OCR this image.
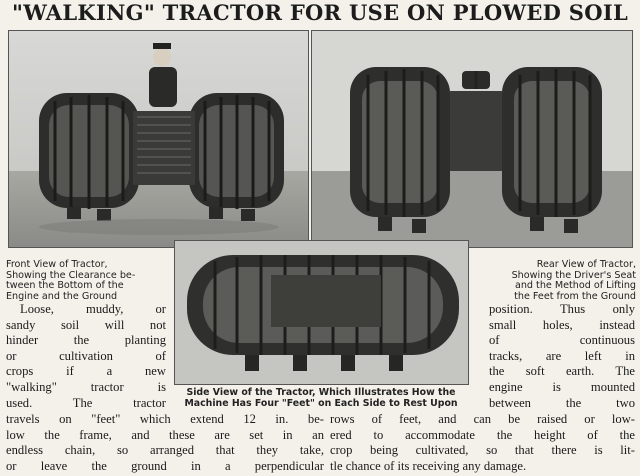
"WALKING" TRACTOR FOR USE ON PLOWED SOIL
Front View of Tractor,
Showing the Clearance be-
tween the Bottom of the
Engine and the Ground
Rear View of Tractor,
Showing the Driver's Seat
and the Method of Lifting
the Feet from the Ground
Side View of the Tractor, Which Illustrates How the
Machine Has Four "Feet" on Each Side to Rest Upon
Loose, muddy, or
sandy soil will not
hinder the planting
or cultivation of
crops if a new
"walking" tractor is
used. The tractor
position. Thus only
small holes, instead
of continuous
tracks, are left in
the soft earth. The
engine is mounted
between the two
travels on "feet" which extend 12 in. be-
low the frame, and these are set in an
endless chain, so arranged that they take,
or leave the ground in a perpendicular
rows of feet, and can be raised or low-
ered to accommodate the height of the
crop being cultivated, so that there is lit-
tle chance of its receiving any damage.
